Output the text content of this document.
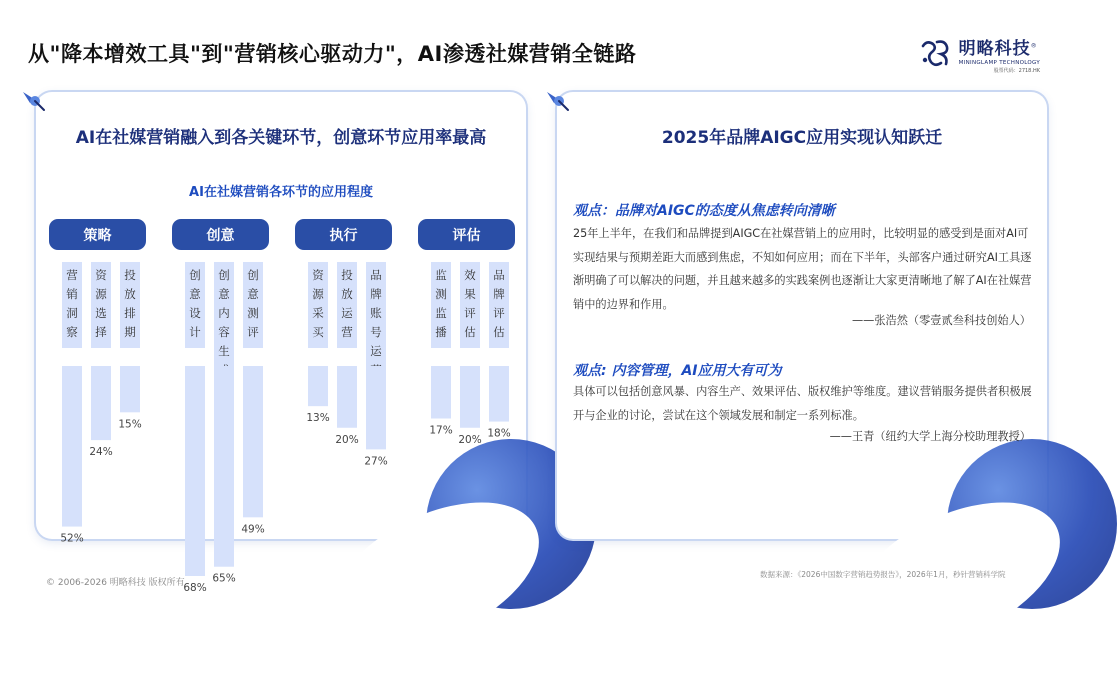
从"降本增效工具"到"营销核心驱动力"，AI渗透社媒营销全链路	明略科技®
MININGLAMP TECHNOLOGY
股票代码：2718.HK
AI在社媒营销融入到各关键环节，创意环节应用率最高
AI在社媒营销各环节的应用程度
策略
营销洞察
52%
资源选择
24%
投放排期
15%
创意
创意设计
68%
创意内容生
65%
创意测评
49%
执行
资源采买
13%
投放运营
20%
品牌账号运
27%
评估
监测监播
17%
效果评估
20%
品牌评估
18%
2025年品牌AIGC应用实现认知跃迁
观点：品牌对AIGC的态度从焦虑转向清晰
25年上半年，在我们和品牌提到AIGC在社媒营销上的应用时，比较明显的感受到是面对AI可实现结果与预期差距大而感到焦虑，不知如何应用；而在下半年，头部客户通过研究AI工具逐渐明确了可以解决的问题，并且越来越多的实践案例也逐渐让大家更清晰地了解了AI在社媒营销中的边界和作用。
——张浩然（零壹贰叁科技创始人）
观点: 内容管理，AI应用大有可为
具体可以包括创意风暴、内容生产、效果评估、版权维护等维度。建议营销服务提供者积极展开与企业的讨论，尝试在这个领域发展和制定一系列标准。
——王青（纽约大学上海分校助理教授）
© 2006-2026 明略科技 版权所有
数据来源：《2026中国数字营销趋势报告》，2026年1月，秒针营销科学院
